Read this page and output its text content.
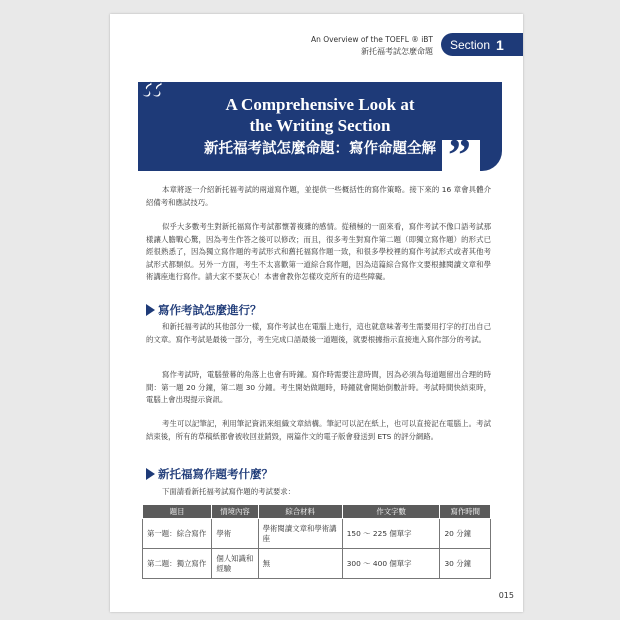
An Overview of the TOEFL ® iBT
新托福考試怎麼命題 Section 1
A Comprehensive Look at
the Writing Section
新托福考試怎麼命題：寫作命題全解
“
”

本章將逐一介紹新托福考試的兩道寫作題，並提供一些概括性的寫作策略。接下來的 16 章會具體介紹備考和應試技巧。

似乎大多數考生對新托福寫作考試都懷著複雜的感情。從積極的一面來看，寫作考試不像口語考試那樣讓人膽戰心驚，因為考生作答之後可以修改；而且，很多考生對寫作第二題（即獨立寫作題）的形式已經很熟悉了，因為獨立寫作題的考試形式和舊托福寫作題一致，和很多學校裡的寫作考試形式或者其他考試形式都類似。另外一方面，考生不太喜歡第一道綜合寫作題，因為這篇綜合寫作文要根據閱讀文章和學術講座進行寫作。請大家不要灰心！本書會教你怎樣攻克所有的這些障礙。

寫作考試怎麼進行？

和新托福考試的其他部分一樣，寫作考試也在電腦上進行，這也就意味著考生需要用打字的打出自己的文章。寫作考試是最後一部分，考生完成口語最後一道題後，就要根據指示直接進入寫作部分的考試。

寫作考試時，電腦螢幕的角落上也會有時鐘。寫作時需要注意時間，因為必須為每道題留出合理的時間：第一題 20 分鐘，第二題 30 分鐘。考生開始做題時，時鐘就會開始倒數計時。考試時間快結束時，電腦上會出現提示資訊。

考生可以記筆記，利用筆記資訊來組織文章結構。筆記可以記在紙上，也可以直接記在電腦上。考試結束後，所有的草稿紙都會被收回並銷毀，兩篇作文的電子版會發送到 ETS 的評分網路。

新托福寫作題考什麼？

下面請看新托福考試寫作題的考試要求：

題目	情境內容	綜合材料	作文字數	寫作時間
第一題：綜合寫作	學術	學術閱讀文章和學術講座	150 ～ 225 個單字	20 分鐘
第二題：獨立寫作	個人知識和經驗	無	300 ～ 400 個單字	30 分鐘
015
